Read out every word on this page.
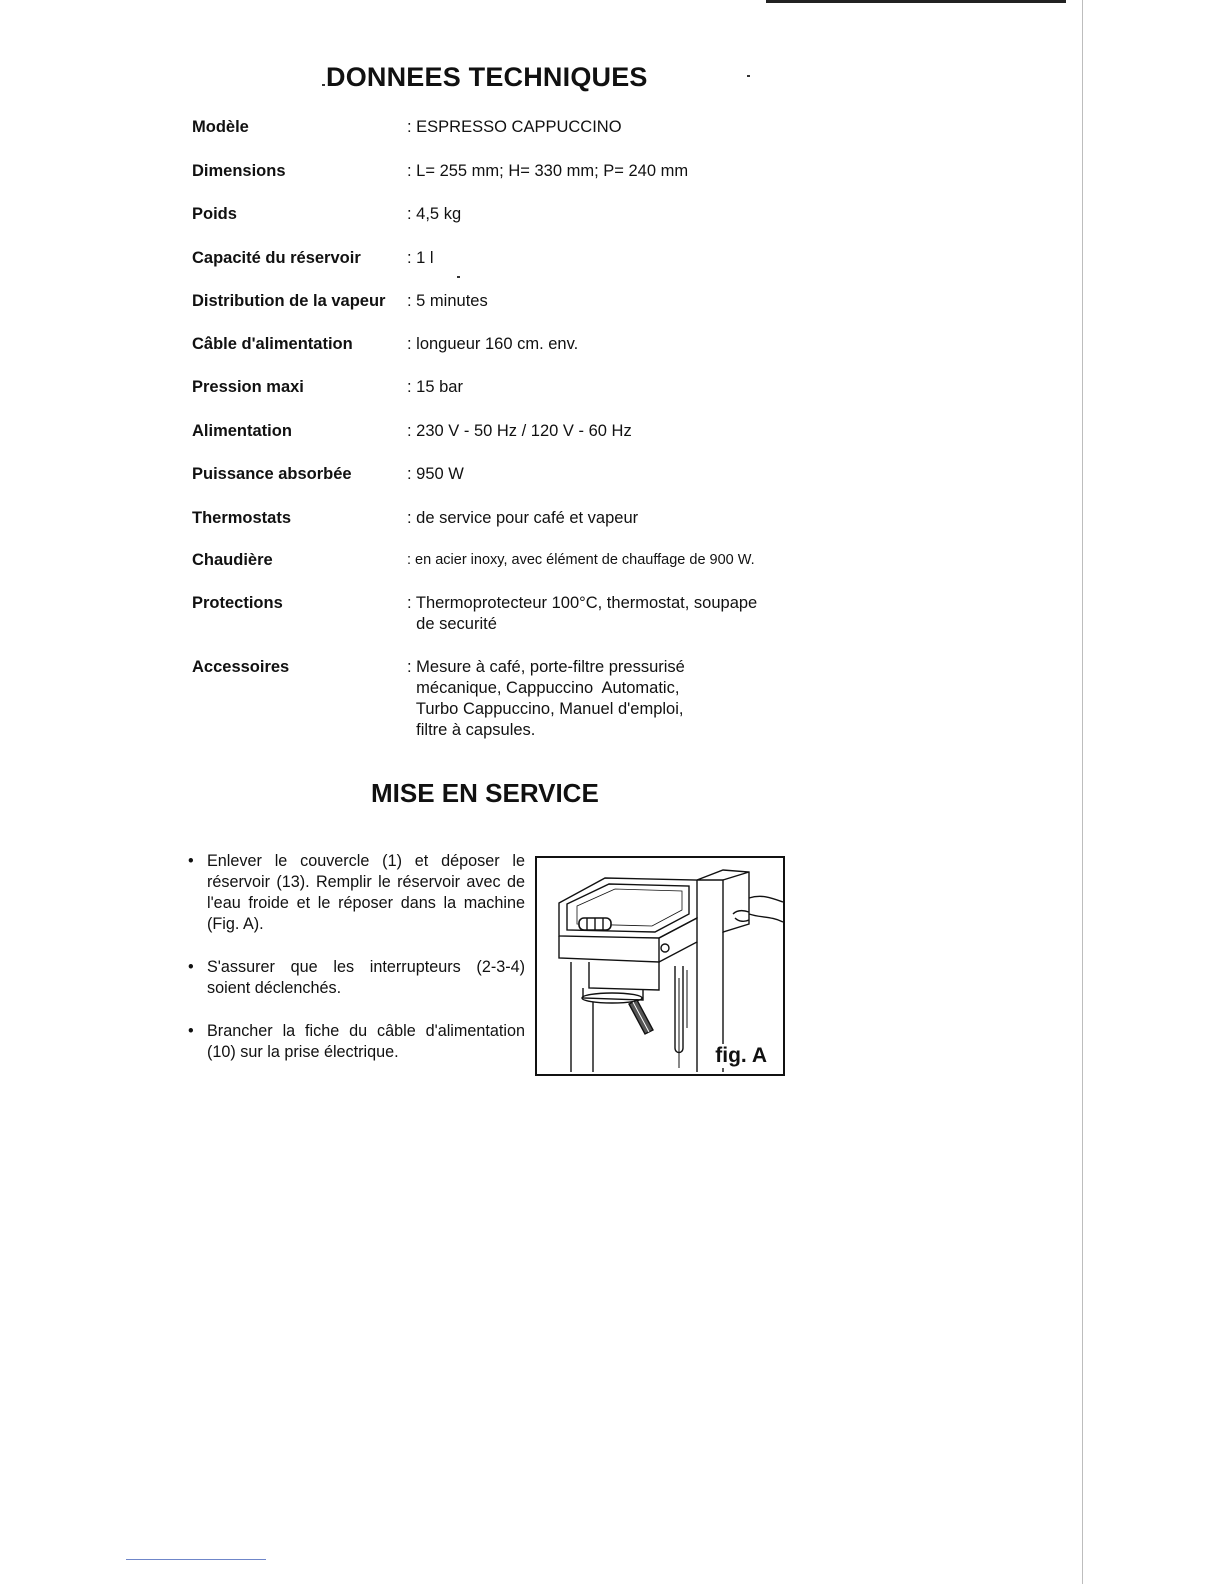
DONNEES TECHNIQUES
Modèle	: ESPRESSO CAPPUCCINO
Dimensions	: L= 255 mm; H= 330 mm; P= 240 mm
Poids	: 4,5 kg
Capacité du réservoir	: 1 l
Distribution de la vapeur : 5 minutes
Câble d'alimentation	: longueur 160 cm. env.
Pression maxi	: 15 bar
Alimentation	: 230 V - 50 Hz / 120 V - 60 Hz
Puissance absorbée	: 950 W
Thermostats	: de service pour café et vapeur
Chaudière	: en acier inoxy, avec élément de chauffage de 900 W.
Protections	: Thermoprotecteur 100°C, thermostat, soupape
de securité
Accessoires	: Mesure à café, porte-filtre pressurisé
mécanique, Cappuccino  Automatic,
Turbo Cappuccino, Manuel d'emploi,
filtre à capsules.
MISE EN SERVICE
• Enlever le couvercle (1) et déposer le réservoir (13). Remplir le réservoir avec de l'eau froide et le réposer dans la machine (Fig. A).
• S'assurer que les interrupteurs (2-3-4) soient déclenchés.
• Brancher la fiche du câble d'alimentation (10) sur la prise électrique.	fig. A
